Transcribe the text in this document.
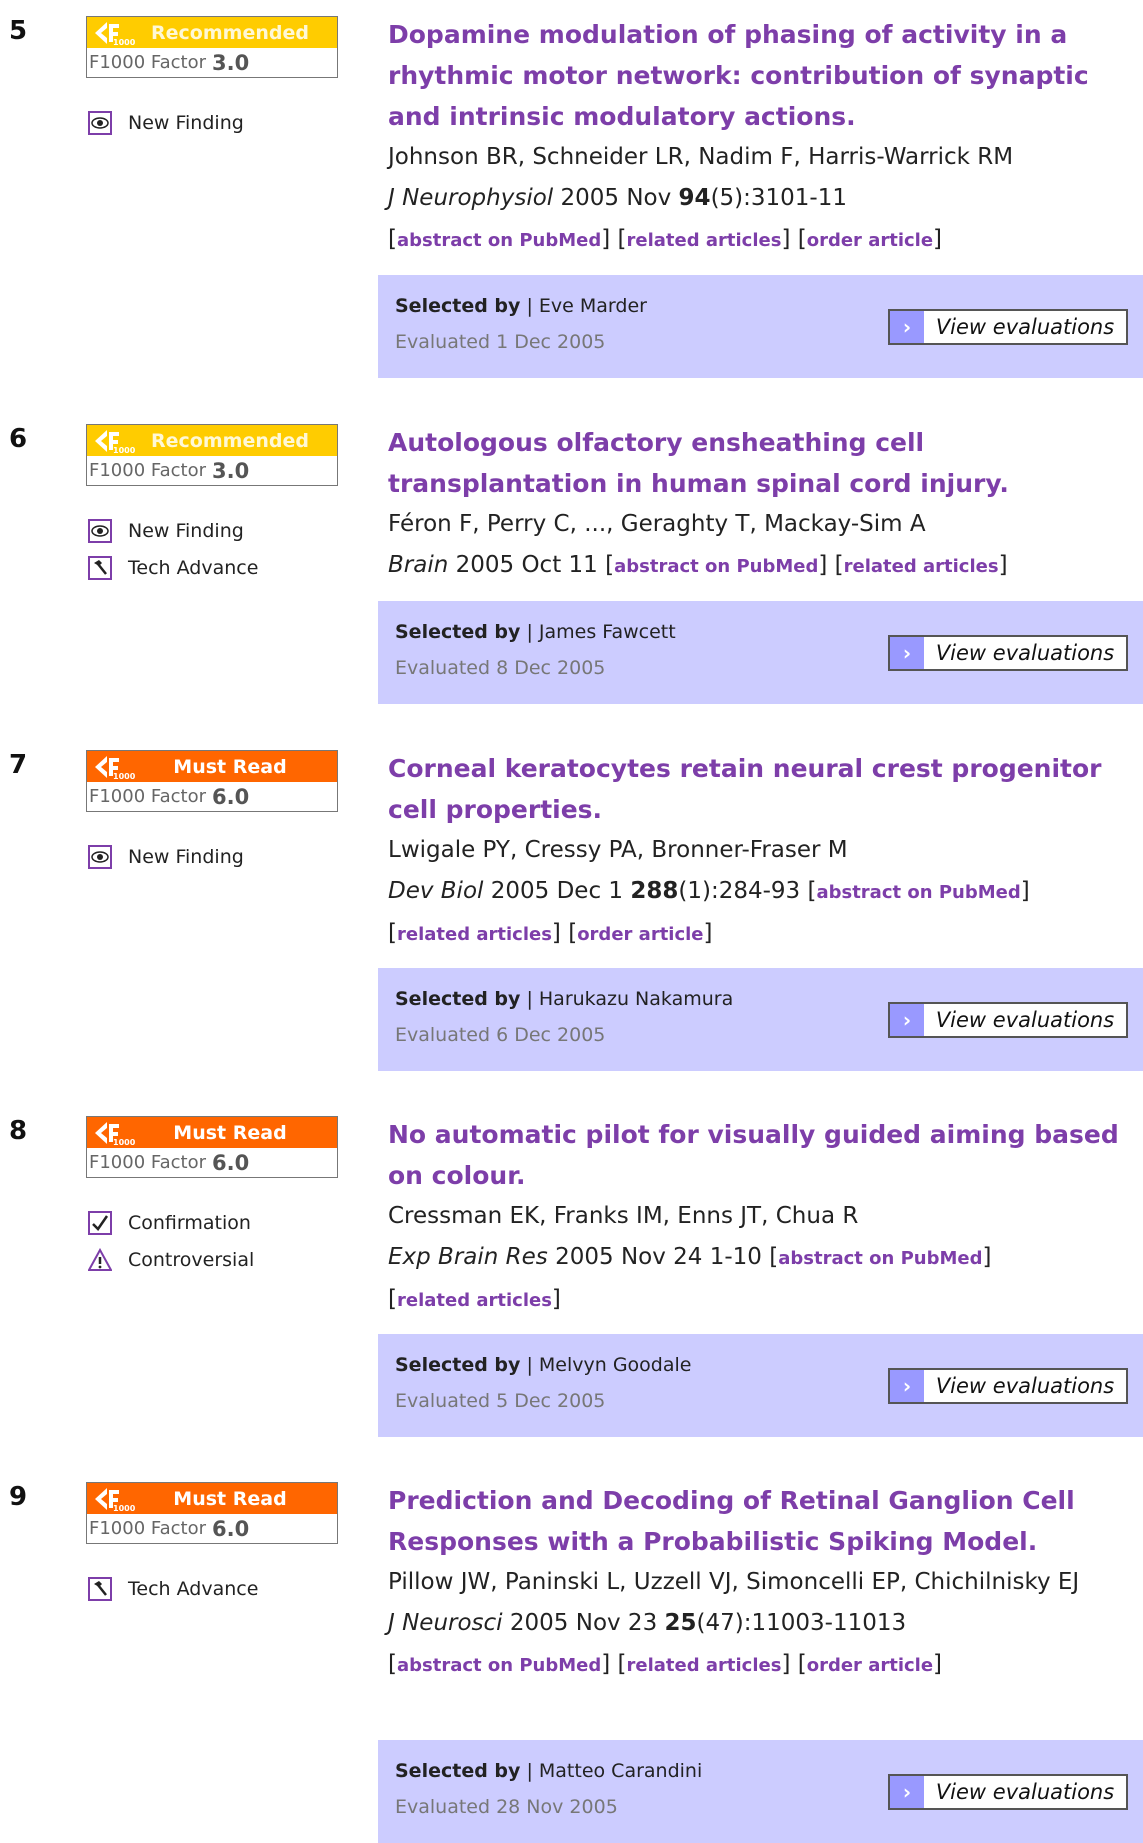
5	1000 Recommended
F1000 Factor 3.0
New Finding
Dopamine modulation of phasing of activity in a rhythmic motor network: contribution of synaptic and intrinsic modulatory actions.
Johnson BR, Schneider LR, Nadim F, Harris-Warrick RM
J Neurophysiol 2005 Nov 94(5):3101-11
[abstract on PubMed] [related articles] [order article]
Selected by | Eve Marder
Evaluated 1 Dec 2005
›	View evaluations
6	1000 Recommended
F1000 Factor 3.0
New Finding
Tech Advance
Autologous olfactory ensheathing cell transplantation in human spinal cord injury.
Féron F, Perry C, ..., Geraghty T, Mackay-Sim A
Brain 2005 Oct 11 [abstract on PubMed] [related articles]
Selected by | James Fawcett
Evaluated 8 Dec 2005
›	View evaluations
7	1000	Must Read
F1000 Factor 6.0
New Finding
Corneal keratocytes retain neural crest progenitor cell properties.
Lwigale PY, Cressy PA, Bronner-Fraser M
Dev Biol 2005 Dec 1 288(1):284-93 [abstract on PubMed]
[related articles] [order article]
Selected by | Harukazu Nakamura
Evaluated 6 Dec 2005
›	View evaluations
8	1000	Must Read
F1000 Factor 6.0
Confirmation
Controversial
No automatic pilot for visually guided aiming based on colour.
Cressman EK, Franks IM, Enns JT, Chua R
Exp Brain Res 2005 Nov 24 1-10 [abstract on PubMed]
[related articles]
Selected by | Melvyn Goodale
Evaluated 5 Dec 2005
›	View evaluations
9	1000	Must Read
F1000 Factor 6.0
Tech Advance
Prediction and Decoding of Retinal Ganglion Cell Responses with a Probabilistic Spiking Model.
Pillow JW, Paninski L, Uzzell VJ, Simoncelli EP, Chichilnisky EJ
J Neurosci 2005 Nov 23 25(47):11003-11013
[abstract on PubMed] [related articles] [order article]
Selected by | Matteo Carandini
Evaluated 28 Nov 2005
›	View evaluations
